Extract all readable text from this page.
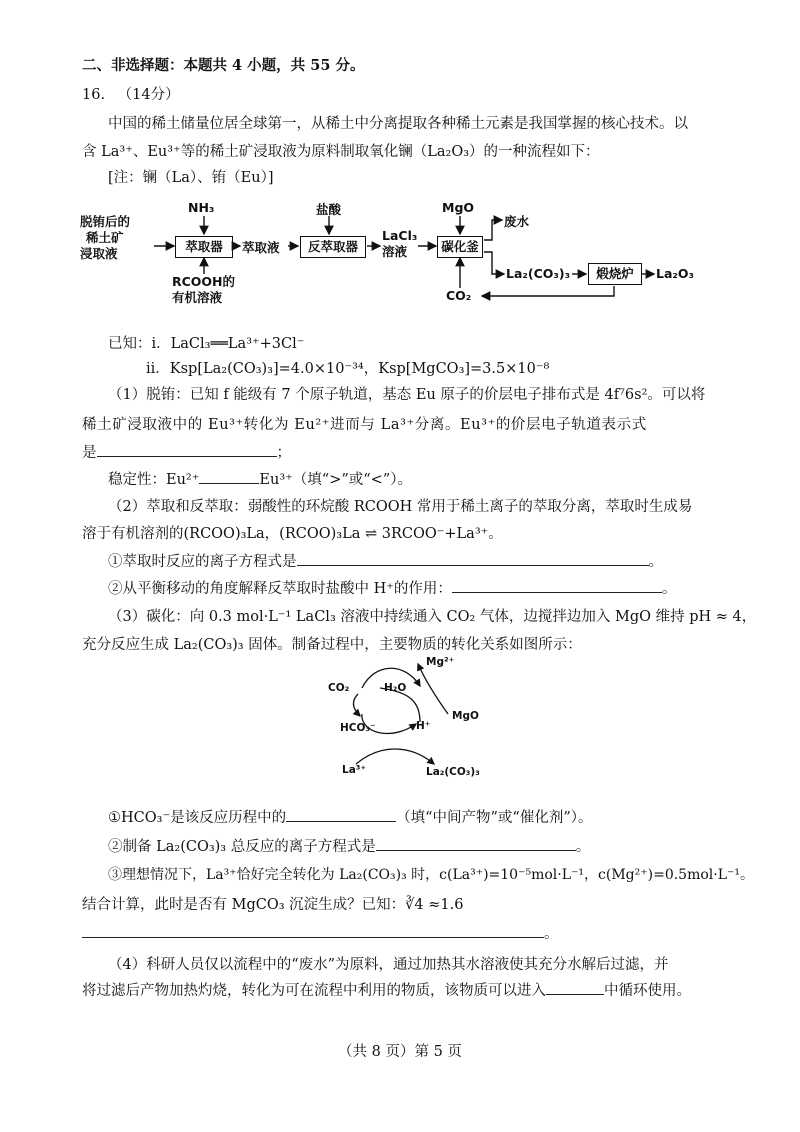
二、非选择题：本题共 4 小题，共 55 分。
16. （14分）
中国的稀土储量位居全球第一，从稀土中分离提取各种稀土元素是我国掌握的核心技术。以
含 La³⁺、Eu³⁺等的稀土矿浸取液为原料制取氧化镧（La₂O₃）的一种流程如下：
[注：镧（La）、铕（Eu）]
脱铕后的
稀土矿
浸取液
NH₃
萃取器
RCOOH的
有机溶液
萃取液
盐酸
反萃取器
LaCl₃
溶液
MgO
碳化釜
废水
La₂(CO₃)₃	煅烧炉	La₂O₃
CO₂
已知：i．LaCl₃══La³⁺+3Cl⁻
ii．Ksp[La₂(CO₃)₃]=4.0×10⁻³⁴，Ksp[MgCO₃]=3.5×10⁻⁸
（1）脱铕：已知 f 能级有 7 个原子轨道，基态 Eu 原子的价层电子排布式是 4f⁷6s²。可以将
稀土矿浸取液中的 Eu³⁺转化为 Eu²⁺进而与 La³⁺分离。Eu³⁺的价层电子轨道表示式
是	；
稳定性：Eu²⁺	Eu³⁺（填“>”或“<”）。
（2）萃取和反萃取：弱酸性的环烷酸 RCOOH 常用于稀土离子的萃取分离，萃取时生成易
溶于有机溶剂的(RCOO)₃La，(RCOO)₃La ⇌ 3RCOO⁻+La³⁺。
①萃取时反应的离子方程式是	。
②从平衡移动的角度解释反萃取时盐酸中 H⁺的作用：	。
（3）碳化：向 0.3 mol·L⁻¹ LaCl₃ 溶液中持续通入 CO₂ 气体，边搅拌边加入 MgO 维持 pH ≈ 4，
充分反应生成 La₂(CO₃)₃ 固体。制备过程中，主要物质的转化关系如图所示：
CO₂	H₂O
Mg²⁺
MgO
HCO₃⁻	H⁺
La³⁺	La₂(CO₃)₃
①HCO₃⁻是该反应历程中的	（填“中间产物”或“催化剂”）。
②制备 La₂(CO₃)₃ 总反应的离子方程式是	。
③理想情况下，La³⁺恰好完全转化为 La₂(CO₃)₃ 时，c(La³⁺)=10⁻⁵mol·L⁻¹，c(Mg²⁺)=0.5mol·L⁻¹。
结合计算，此时是否有 MgCO₃ 沉淀生成？已知：∛4 ≈1.6
。
（4）科研人员仅以流程中的“废水”为原料，通过加热其水溶液使其充分水解后过滤，并
将过滤后产物加热灼烧，转化为可在流程中利用的物质，该物质可以进入	中循环使用。
（共 8 页）第 5 页
